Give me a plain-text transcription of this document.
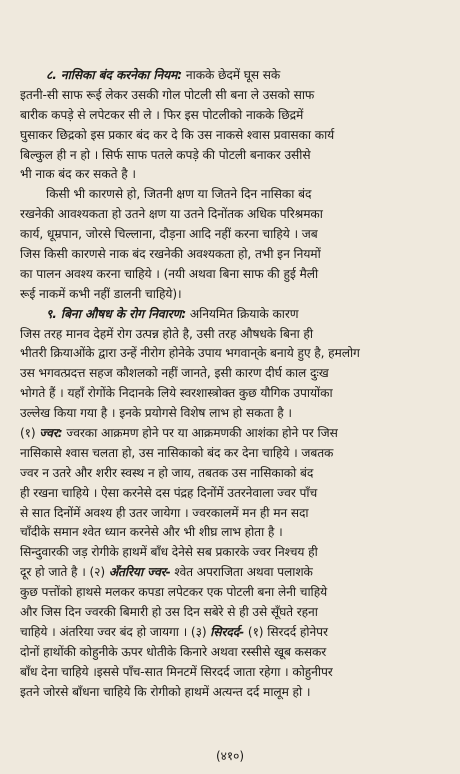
८. नासिका बंद करनेका नियम: नाकके छेदमें घूस सके
इतनी-सी साफ रूई लेकर उसकी गोल पोटली सी बना ले उसको साफ
बारीक कपड़े से लपेटकर सी ले । फिर इस पोटलीको नाकके छिद्रमें
घुसाकर छिद्रको इस प्रकार बंद कर दे कि उस नाकसे श्वास प्रवासका कार्य
बिल्कुल ही न हो । सिर्फ साफ पतले कपड़े की पोटली बनाकर उसीसे
भी नाक बंद कर सकते है ।
किसी भी कारणसे हो, जितनी क्षण या जितने दिन नासिका बंद
रखनेकी आवश्यकता हो उतने क्षण या उतने दिनोंतक अधिक परिश्रमका
कार्य, धूम्रपान, जोरसे चिल्लाना, दौड़ना आदि नहीं करना चाहिये । जब
जिस किसी कारणसे नाक बंद रखनेकी अवश्यकता हो, तभी इन नियमों
का पालन अवश्य करना चाहिये । (नयी अथवा बिना साफ की हुई मैली
रूई नाकमें कभी नहीं डालनी चाहिये)।
९. बिना औषध के रोग निवारण: अनियमित क्रियाके कारण
जिस तरह मानव देहमें रोग उत्पन्न होते है, उसी तरह औषधके बिना ही
भीतरी क्रियाओंके द्वारा उन्हें नीरोग होनेके उपाय भगवान्‌के बनाये हुए है, हमलोग
उस भगवत्प्रदत्त सहज कौशलको नहीं जानते, इसी कारण दीर्घ काल दुःख
भोगते हैं । यहाँ रोगोंके निदानके लिये स्वरशास्त्रोक्त कुछ यौगिक उपायोंका
उल्लेख किया गया है । इनके प्रयोगसे विशेष लाभ हो सकता है ।
(१) ज्वर: ज्वरका आक्रमण होने पर या आक्रमणकी आशंका होने पर जिस
नासिकासे श्वास चलता हो, उस नासिकाको बंद कर देना चाहिये । जबतक
ज्वर न उतरे और शरीर स्वस्थ न हो जाय, तबतक उस नासिकाको बंद
ही रखना चाहिये । ऐसा करनेसे दस पंद्रह दिनोंमें उतरनेवाला ज्वर पाँच
से सात दिनोंमें अवश्य ही उतर जायेगा । ज्वरकालमें मन ही मन सदा
चाँदीके समान श्वेत ध्यान करनेसे और भी शीघ्र लाभ होता है ।
सिन्दुवारकी जड़ रोगीके हाथमें बाँध देनेसे सब प्रकारके ज्वर निश्चय ही
दूर हो जाते है । (२) अँतरिया ज्वर- श्वेत अपराजिता अथवा पलाशके
कुछ पत्तोंको हाथसे मलकर कपडा लपेटकर एक पोटली बना लेनी चाहिये
और जिस दिन ज्वरकी बिमारी हो उस दिन सबेरे से ही उसे सूँघते रहना
चाहिये । अंतरिया ज्वर बंद हो जायगा । (३) सिरदर्द- (१) सिरदर्द होनेपर
दोनों हाथोंकी कोहुनीके ऊपर धोतीके किनारे अथवा रस्सीसे खूब कसकर
बाँध देना चाहिये ।इससे पाँच-सात मिनटमें सिरदर्द जाता रहेगा । कोहुनीपर
इतने जोरसे बाँधना चाहिये कि रोगीको हाथमें अत्यन्त दर्द मालूम हो ।
(४१०)
